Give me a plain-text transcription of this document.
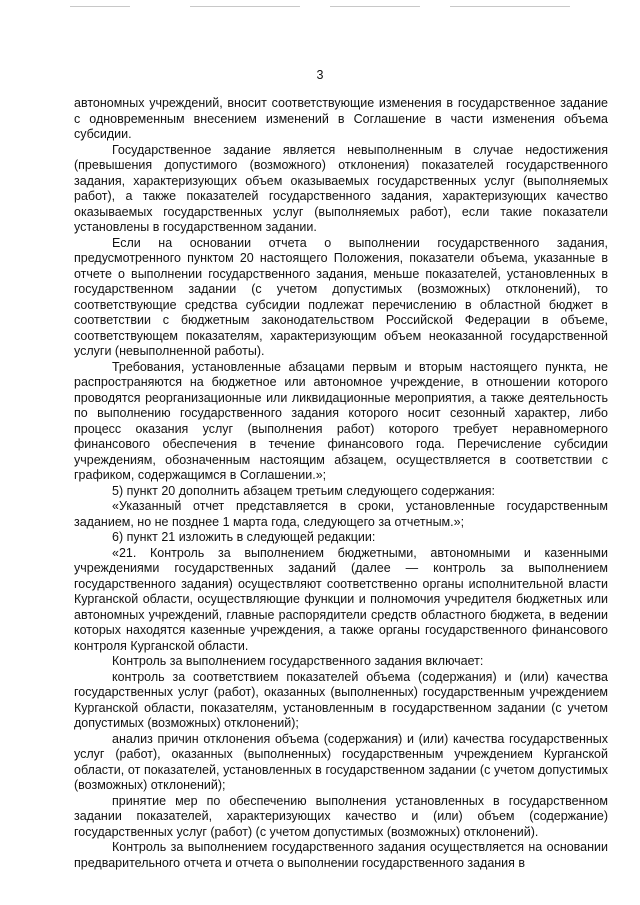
3

автономных учреждений, вносит соответствующие изменения в государственное задание с одновременным внесением изменений в Соглашение в части изменения объема субсидии.

Государственное задание является невыполненным в случае недостижения (превышения допустимого (возможного) отклонения) показателей государственного задания, характеризующих объем оказываемых государственных услуг (выполняемых работ), а также показателей государственного задания, характеризующих качество оказываемых государственных услуг (выполняемых работ), если такие показатели установлены в государственном задании.

Если на основании отчета о выполнении государственного задания, предусмотренного пунктом 20 настоящего Положения, показатели объема, указанные в отчете о выполнении государственного задания, меньше показателей, установленных в государственном задании (с учетом допустимых (возможных) отклонений), то соответствующие средства субсидии подлежат перечислению в областной бюджет в соответствии с бюджетным законодательством Российской Федерации в объеме, соответствующем показателям, характеризующим объем неоказанной государственной услуги (невыполненной работы).

Требования, установленные абзацами первым и вторым настоящего пункта, не распространяются на бюджетное или автономное учреждение, в отношении которого проводятся реорганизационные или ликвидационные мероприятия, а также деятельность по выполнению государственного задания которого носит сезонный характер, либо процесс оказания услуг (выполнения работ) которого требует неравномерного финансового обеспечения в течение финансового года. Перечисление субсидии учреждениям, обозначенным настоящим абзацем, осуществляется в соответствии с графиком, содержащимся в Соглашении.»;

5) пункт 20 дополнить абзацем третьим следующего содержания:

«Указанный отчет представляется в сроки, установленные государственным заданием, но не позднее 1 марта года, следующего за отчетным.»;

6) пункт 21 изложить в следующей редакции:

«21. Контроль за выполнением бюджетными, автономными и казенными учреждениями государственных заданий (далее — контроль за выполнением государственного задания) осуществляют соответственно органы исполнительной власти Курганской области, осуществляющие функции и полномочия учредителя бюджетных или автономных учреждений, главные распорядители средств областного бюджета, в ведении которых находятся казенные учреждения, а также органы государственного финансового контроля Курганской области.

Контроль за выполнением государственного задания включает:

контроль за соответствием показателей объема (содержания) и (или) качества государственных услуг (работ), оказанных (выполненных) государственным учреждением Курганской области, показателям, установленным в государственном задании (с учетом допустимых (возможных) отклонений);

анализ причин отклонения объема (содержания) и (или) качества государственных услуг (работ), оказанных (выполненных) государственным учреждением Курганской области, от показателей, установленных в государственном задании (с учетом допустимых (возможных) отклонений);

принятие мер по обеспечению выполнения установленных в государственном задании показателей, характеризующих качество и (или) объем (содержание) государственных услуг (работ) (с учетом допустимых (возможных) отклонений).

Контроль за выполнением государственного задания осуществляется на основании предварительного отчета и отчета о выполнении государственного задания в
